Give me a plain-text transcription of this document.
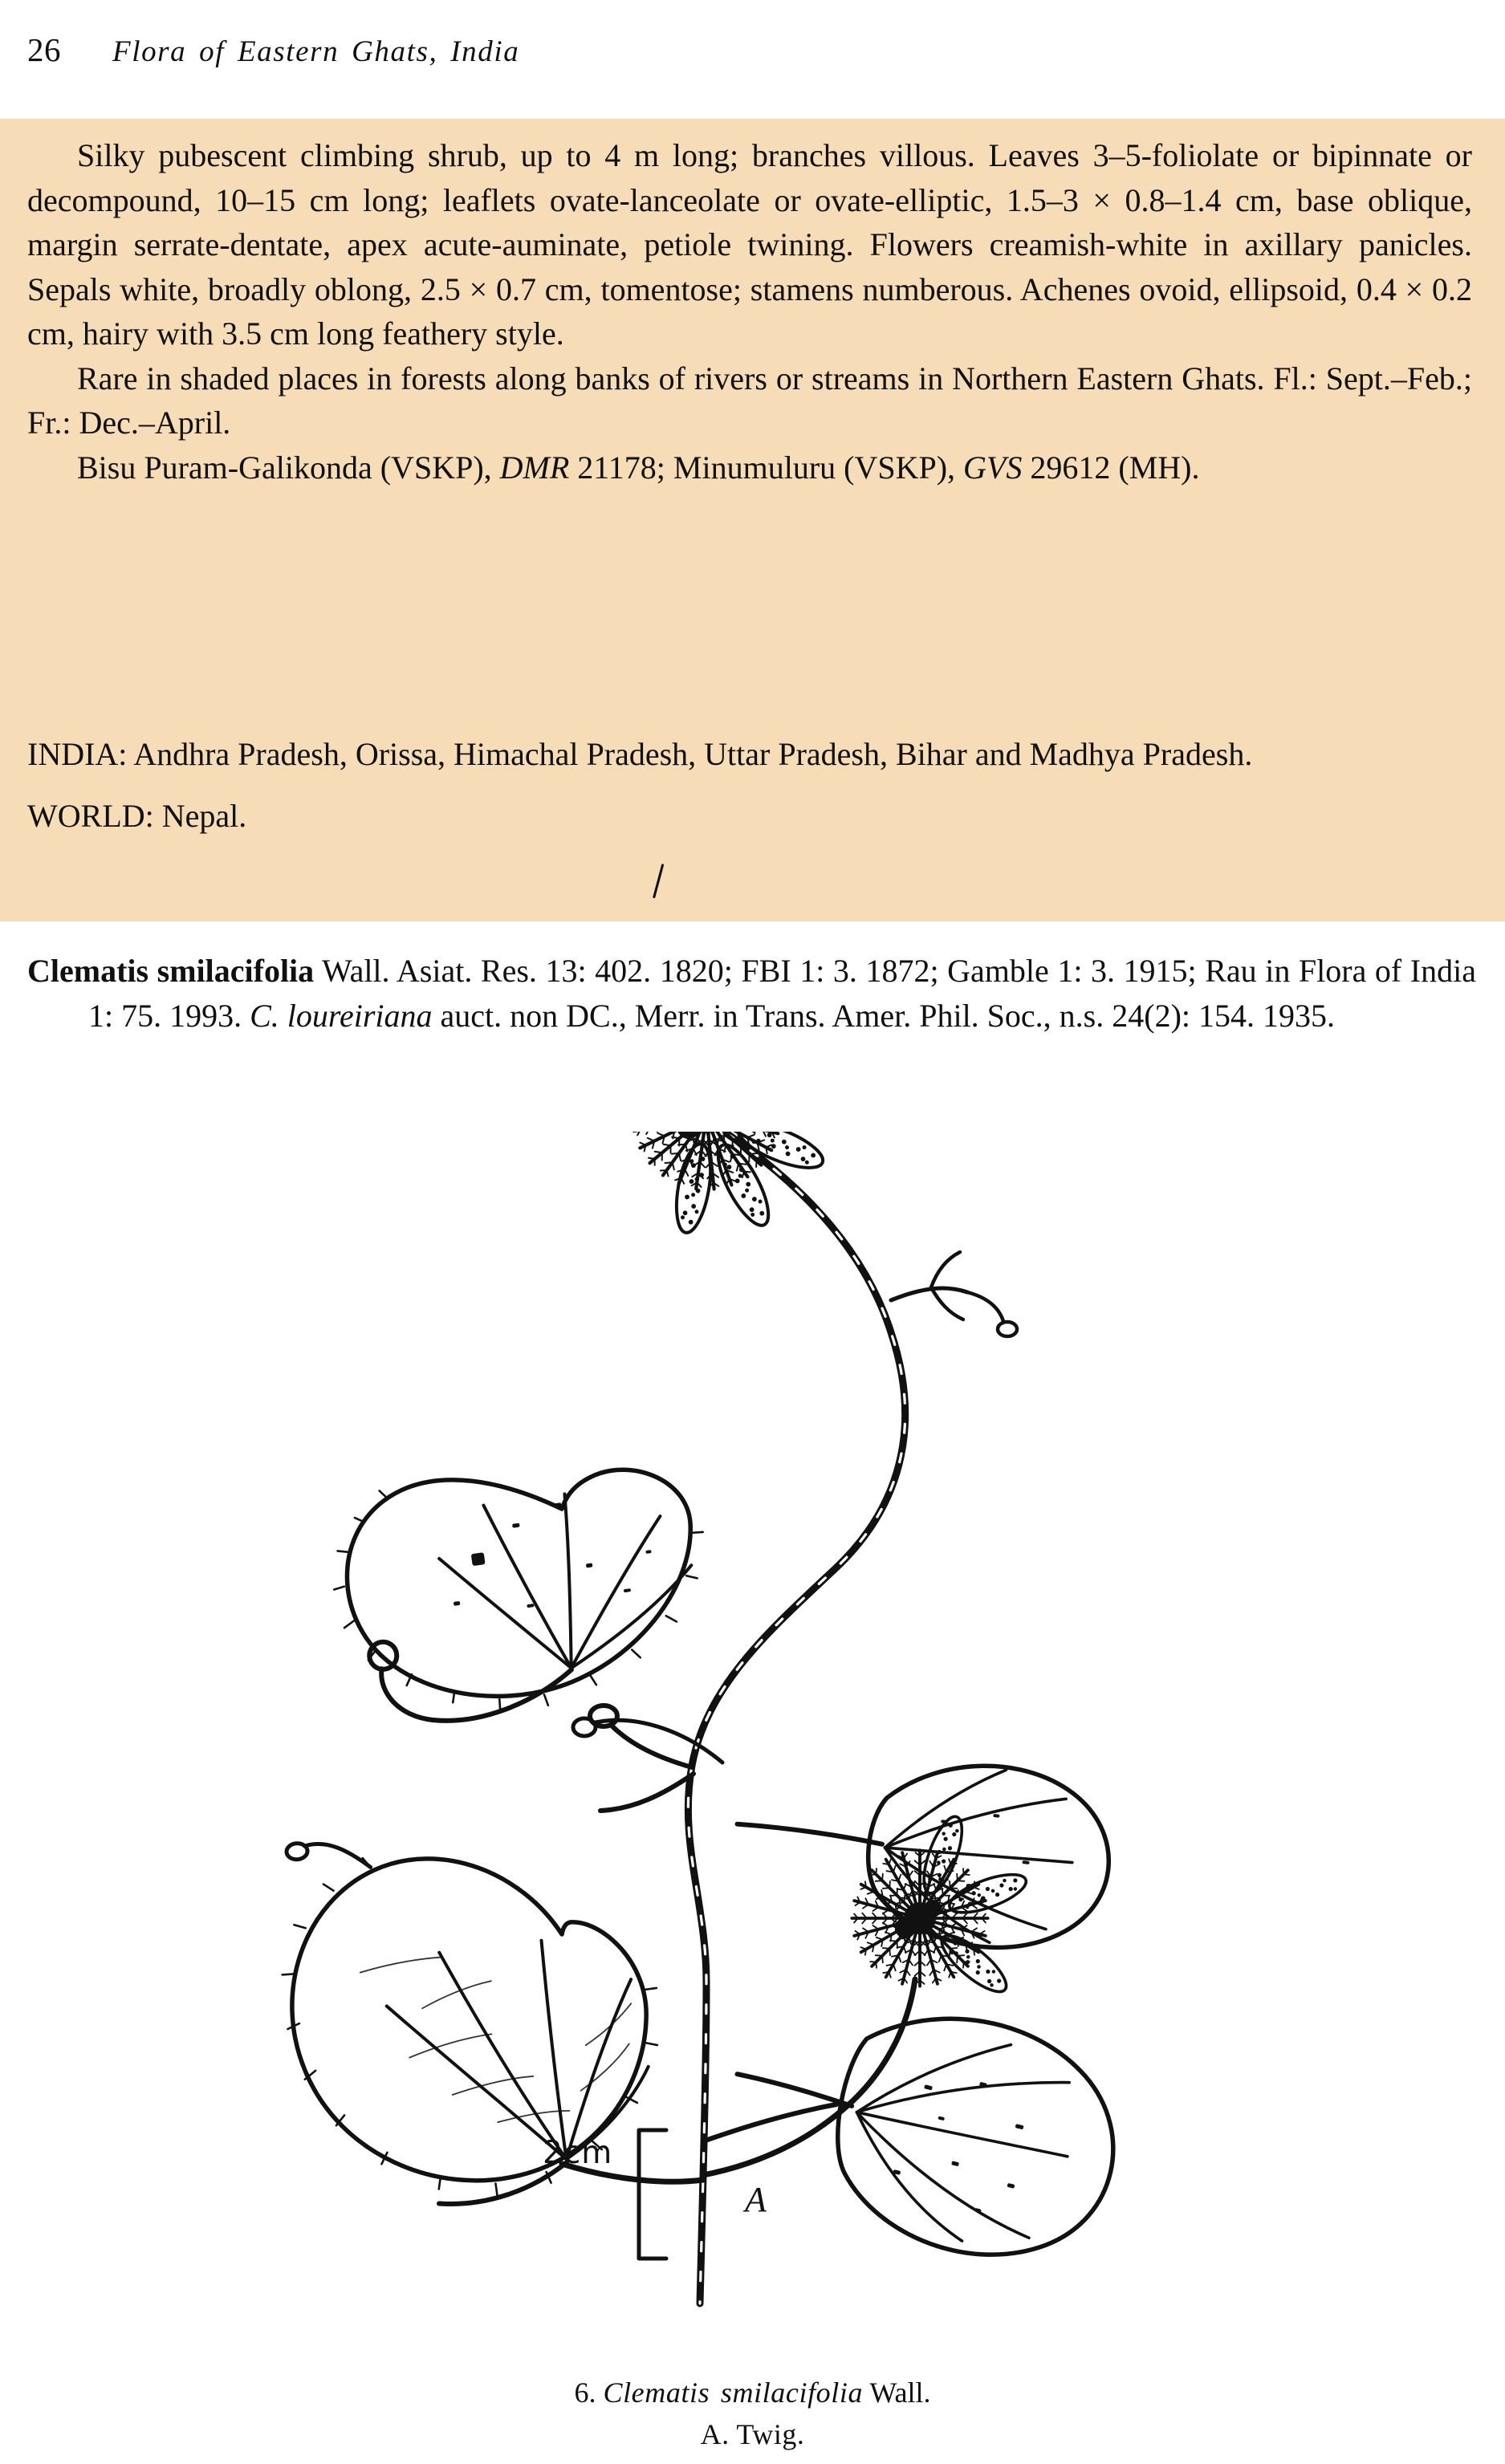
26 Flora of Eastern Ghats, India

Silky pubescent climbing shrub, up to 4 m long; branches villous. Leaves 3–5-foliolate or bipinnate or decompound, 10–15 cm long; leaflets ovate-lanceolate or ovate-elliptic, 1.5–3 × 0.8–1.4 cm, base oblique, margin serrate-dentate, apex acute-auminate, petiole twining. Flowers creamish-white in axillary panicles. Sepals white, broadly oblong, 2.5 × 0.7 cm, tomentose; stamens numberous. Achenes ovoid, ellipsoid, 0.4 × 0.2 cm, hairy with 3.5 cm long feathery style.

Rare in shaded places in forests along banks of rivers or streams in Northern Eastern Ghats. Fl.: Sept.–Feb.; Fr.: Dec.–April.

Bisu Puram-Galikonda (VSKP), DMR 21178; Minumuluru (VSKP), GVS 29612 (MH).

INDIA: Andhra Pradesh, Orissa, Himachal Pradesh, Uttar Pradesh, Bihar and Madhya Pradesh.

WORLD: Nepal.

Clematis smilacifolia Wall. Asiat. Res. 13: 402. 1820; FBI 1: 3. 1872; Gamble 1: 3. 1915; Rau in Flora of India 1: 75. 1993. C. loureiriana auct. non DC., Merr. in Trans. Amer. Phil. Soc., n.s. 24(2): 154. 1935.

2cm
A
6. Clematis smilacifolia Wall.
A. Twig.
